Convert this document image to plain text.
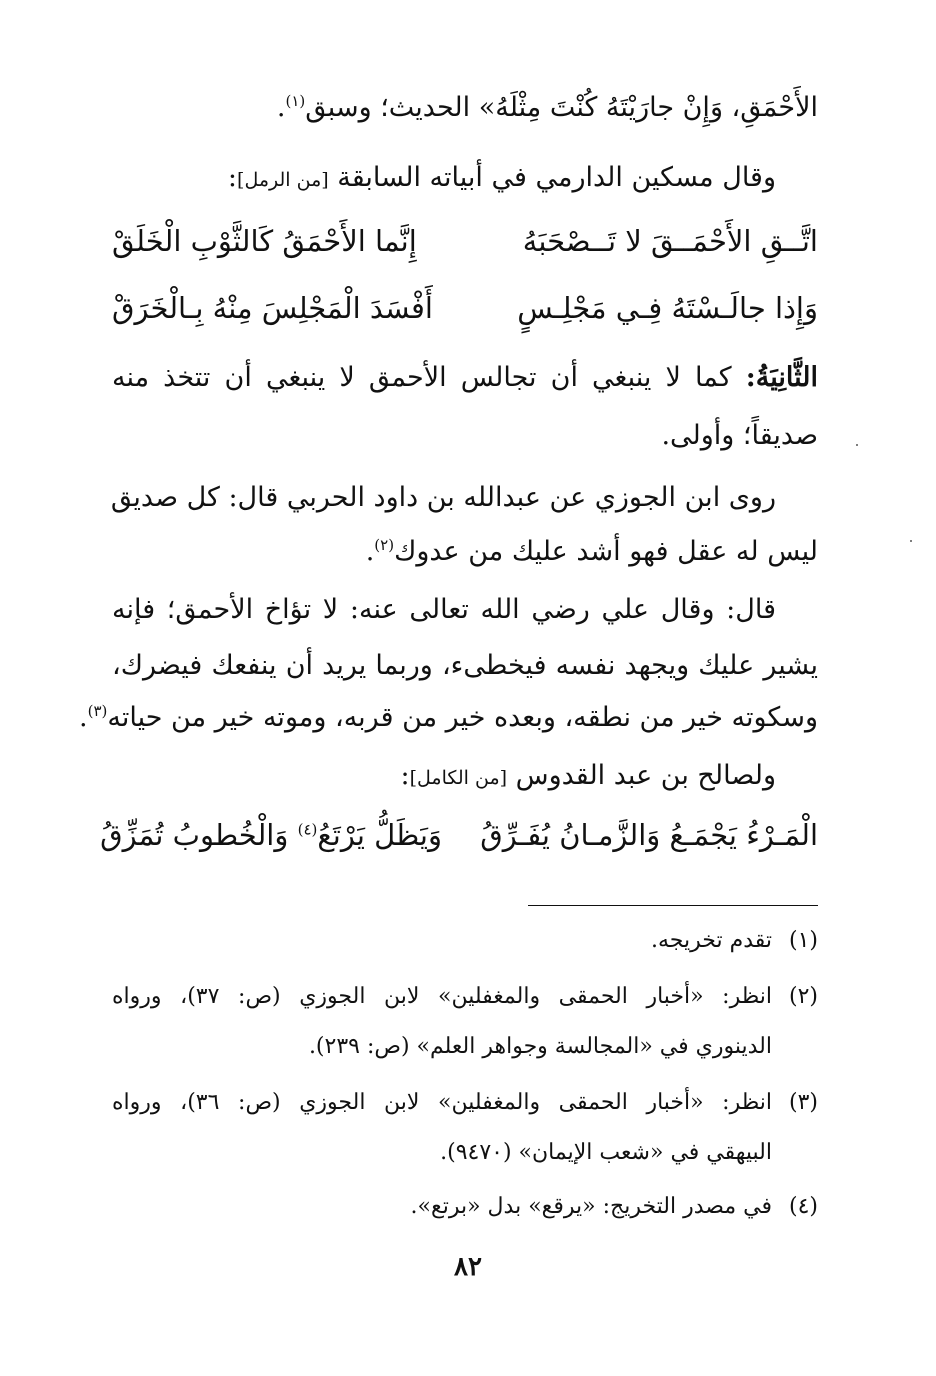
الأَحْمَقِ، وَإِنْ جارَيْتَهُ كُنْتَ مِثْلَهُ» الحديث؛ وسبق$^{(١)}$.
وقال مسكين الدارمي في أبياته السابقة [من الرمل]:
اتَّــقِ الأَحْمَــقَ لا تَــصْحَبَهُ
إِنَّما الأَحْمَقُ كَالثَّوْبِ الْخَلَقْ
وَإِذا جالَـسْتَهُ فِـي مَجْلِـسٍ
أَفْسَدَ الْمَجْلِسَ مِنْهُ بِـالْخَرَقْ
الثَّانِيَةُ: كما لا ينبغي أن تجالس الأحمق لا ينبغي أن تتخذ منه
صديقاً؛ وأولى.
روى ابن الجوزي عن عبدالله بن داود الحربي قال: كل صديق
ليس له عقل فهو أشد عليك من عدوك$^{(٢)}$.
قال: وقال علي رضي الله تعالى عنه: لا تؤاخ الأحمق؛ فإنه
يشير عليك ويجهد نفسه فيخطىء، وربما يريد أن ينفعك فيضرك،
وسكوته خير من نطقه، وبعده خير من قربه، وموته خير من حياته$^{(٣)}$.
ولصالح بن عبد القدوس [من الكامل]:
الْمَـرْءُ يَجْمَـعُ وَالزَّمـانُ يُفَـرِّقُ
وَيَظَلُّ يَرْتَعُ$^{(٤)}$ وَالْخُطوبُ تُمَزِّقُ
(١)تقدم تخريجه.
(٢)انظر: «أخبار الحمقى والمغفلين» لابن الجوزي (ص: ٣٧)، ورواه
الدينوري في «المجالسة وجواهر العلم» (ص: ٢٣٩).
(٣)انظر: «أخبار الحمقى والمغفلين» لابن الجوزي (ص: ٣٦)، ورواه
البيهقي في «شعب الإيمان» (٩٤٧٠).
(٤)في مصدر التخريج: «يرقع» بدل «برتع».
٨٢
